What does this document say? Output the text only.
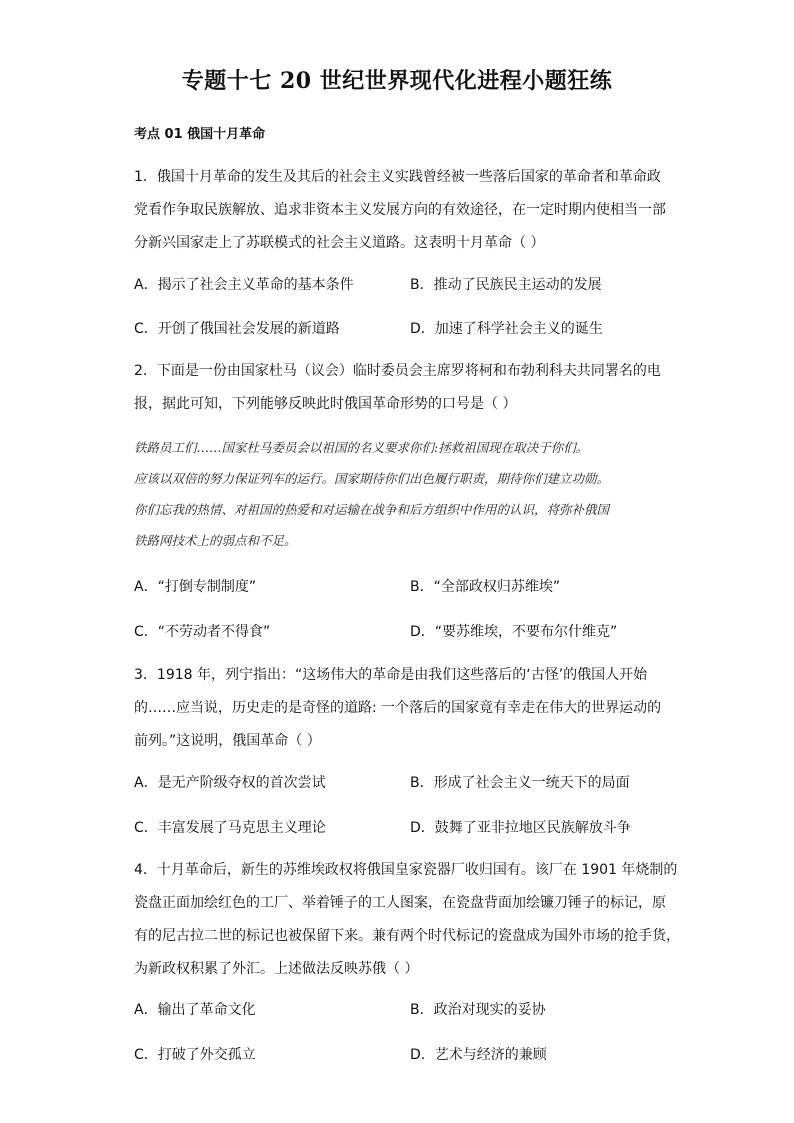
专题十七 20 世纪世界现代化进程小题狂练
考点 01 俄国十月革命
1．俄国十月革命的发生及其后的社会主义实践曾经被一些落后国家的革命者和革命政
党看作争取民族解放、追求非资本主义发展方向的有效途径，在一定时期内使相当一部
分新兴国家走上了苏联模式的社会主义道路。这表明十月革命（ ）
A．揭示了社会主义革命的基本条件	B．推动了民族民主运动的发展
C．开创了俄国社会发展的新道路	D．加速了科学社会主义的诞生
2．下面是一份由国家杜马（议会）临时委员会主席罗将柯和布勃利科夫共同署名的电
报，据此可知，下列能够反映此时俄国革命形势的口号是（ ）
铁路员工们……国家杜马委员会以祖国的名义要求你们:拯救祖国现在取决于你们。
应该以双倍的努力保证列车的运行。国家期待你们出色履行职责，期待你们建立功勋。
你们忘我的热情、对祖国的热爱和对运输在战争和后方组织中作用的认识，将弥补俄国
铁路网技术上的弱点和不足。
A．“打倒专制制度”	B．“全部政权归苏维埃”
C．“不劳动者不得食”	D．“要苏维埃，不要布尔什维克”
3．1918 年，列宁指出：“这场伟大的革命是由我们这些落后的‘古怪’的俄国人开始
的……应当说，历史走的是奇怪的道路: 一个落后的国家竟有幸走在伟大的世界运动的
前列。”这说明，俄国革命（ ）
A．是无产阶级夺权的首次尝试	B．形成了社会主义一统天下的局面
C．丰富发展了马克思主义理论	D．鼓舞了亚非拉地区民族解放斗争
4．十月革命后，新生的苏维埃政权将俄国皇家瓷器厂收归国有。该厂在 1901 年烧制的
瓷盘正面加绘红色的工厂、举着锤子的工人图案，在瓷盘背面加绘镰刀锤子的标记，原
有的尼古拉二世的标记也被保留下来。兼有两个时代标记的瓷盘成为国外市场的抢手货，
为新政权积累了外汇。上述做法反映苏俄（ ）
A．输出了革命文化	B．政治对现实的妥协
C．打破了外交孤立	D．艺术与经济的兼顾
